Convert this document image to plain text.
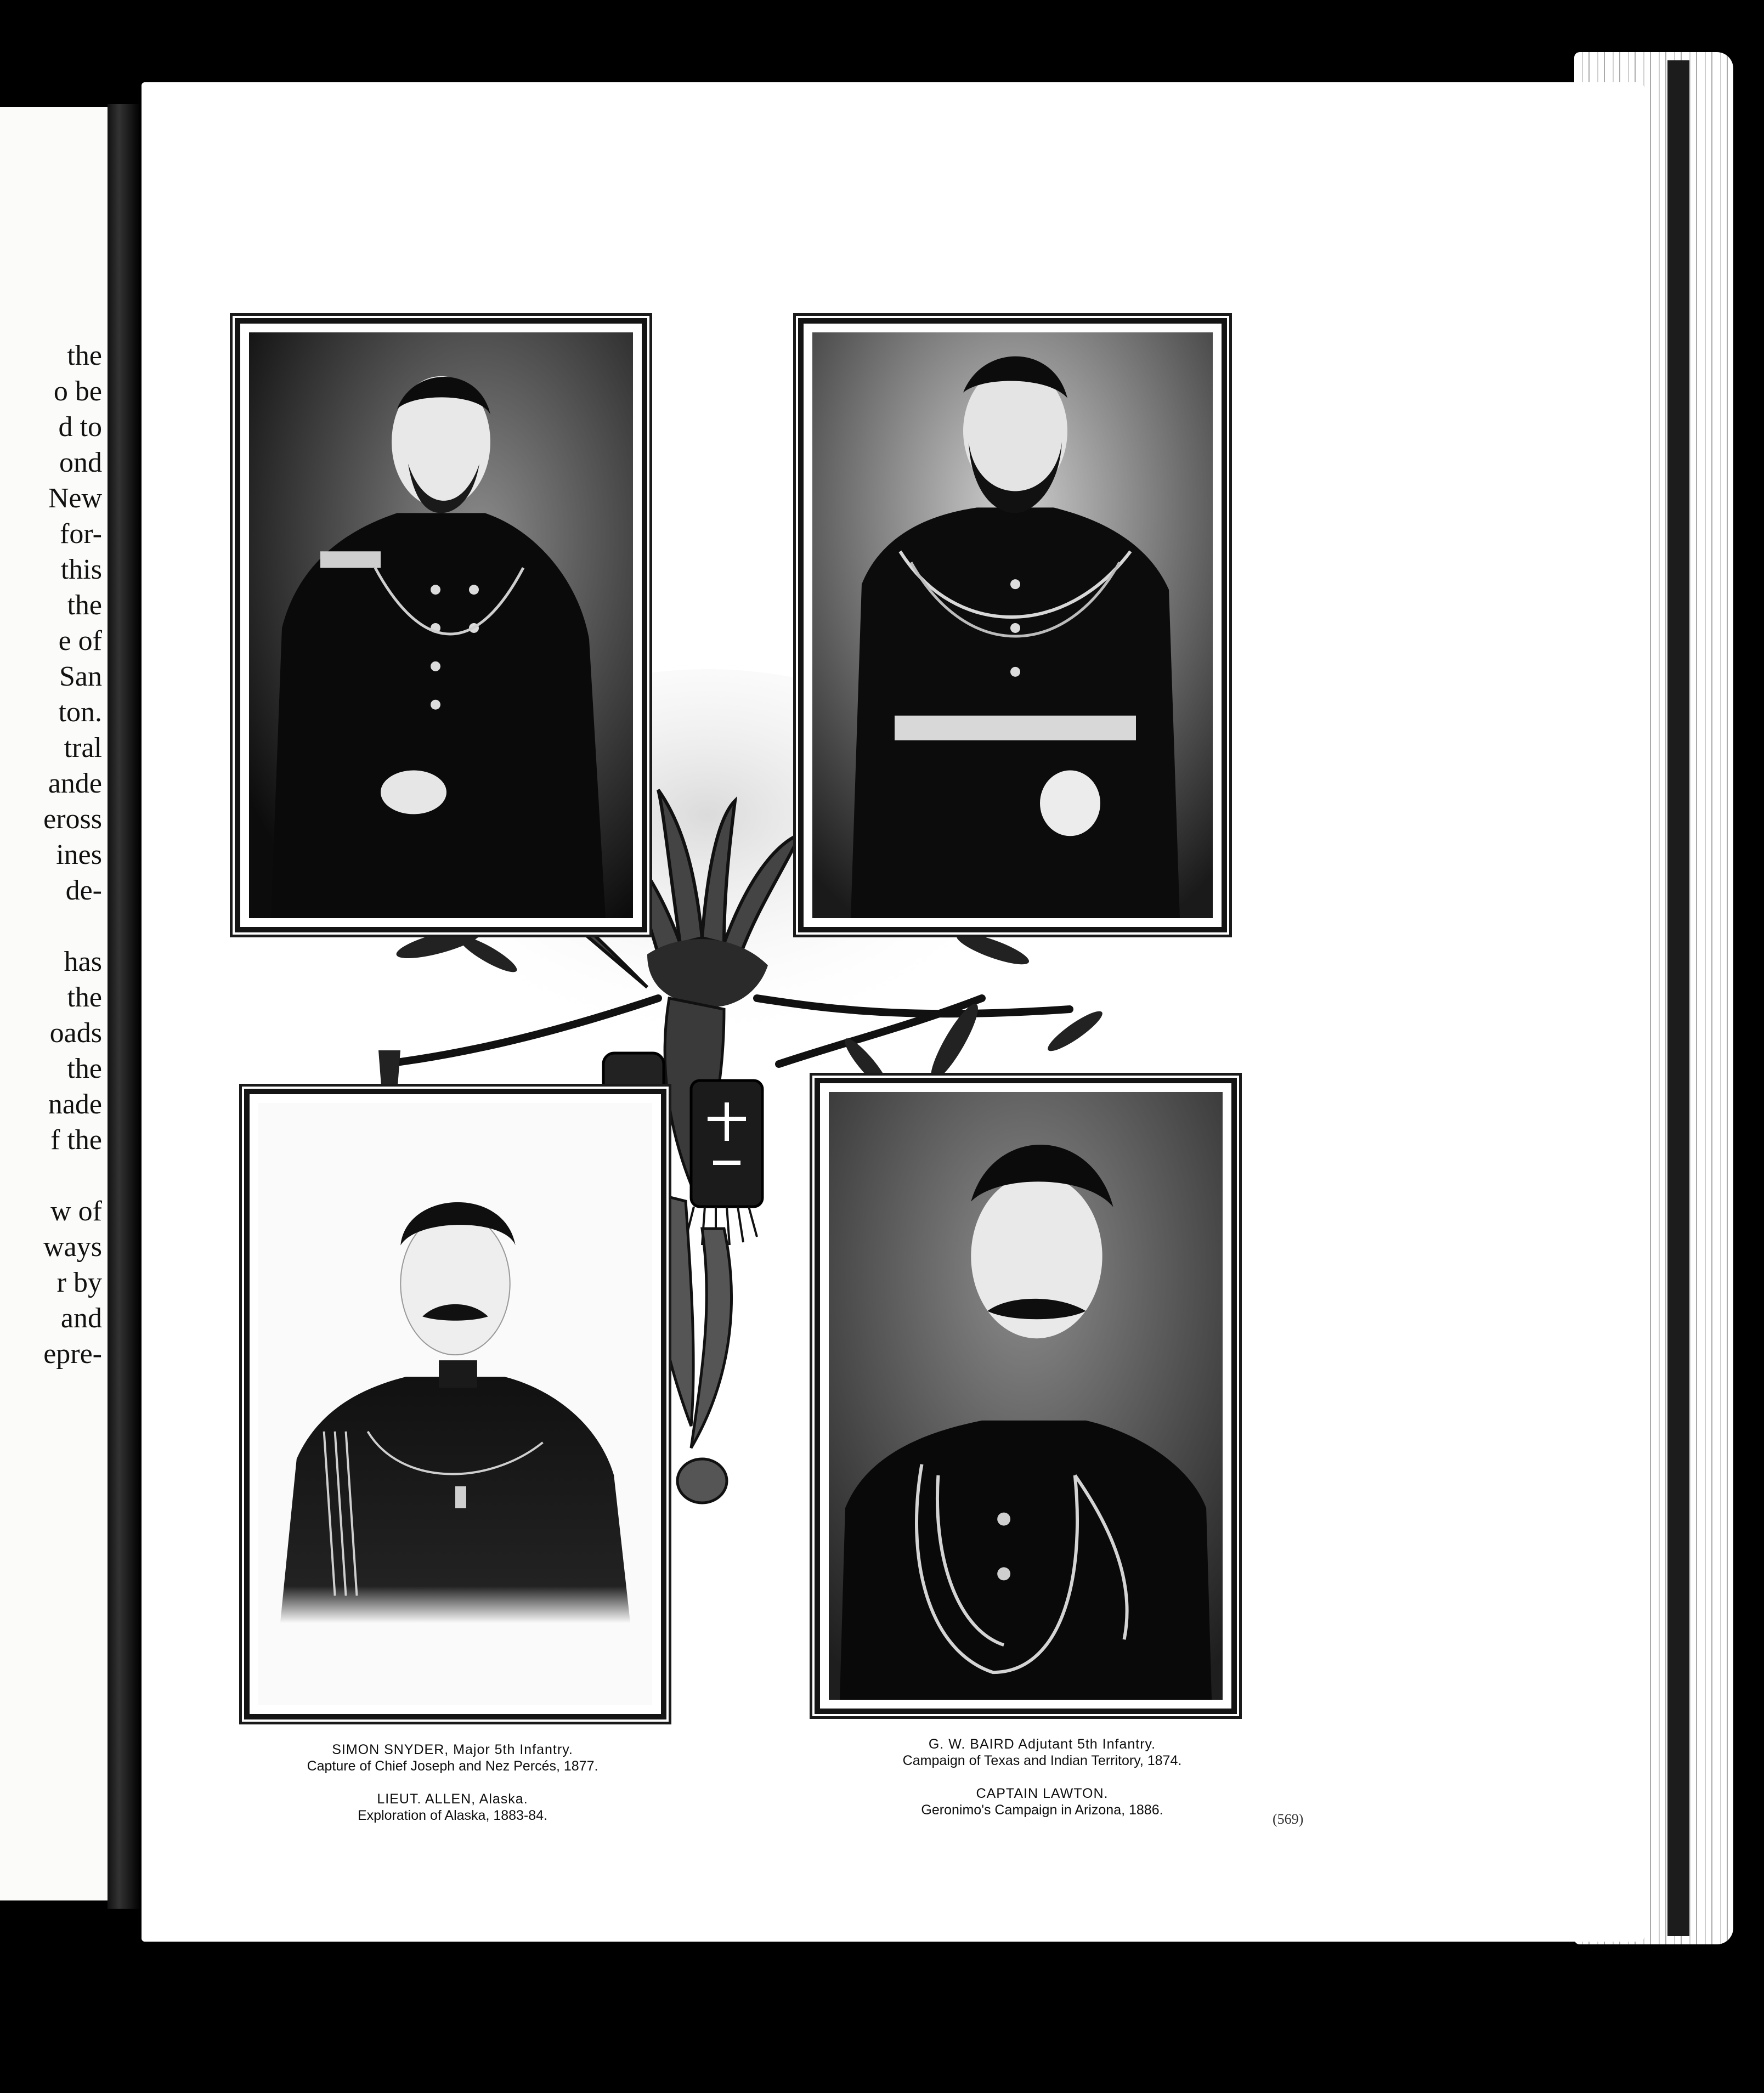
the
o be
d to
ond
New
for-
this
the
e of
San
ton.
tral
ande
eross
ines
de-
has
the
oads
the
nade
f the
w of
ways
r by
and
epre-
SIMON SNYDER, Major 5th Infantry.
Capture of Chief Joseph and Nez Percés, 1877.
LIEUT. ALLEN, Alaska.
Exploration of Alaska, 1883-84.
G. W. BAIRD Adjutant 5th Infantry.
Campaign of Texas and Indian Territory, 1874.
CAPTAIN LAWTON.
Geronimo's Campaign in Arizona, 1886.
(569)
